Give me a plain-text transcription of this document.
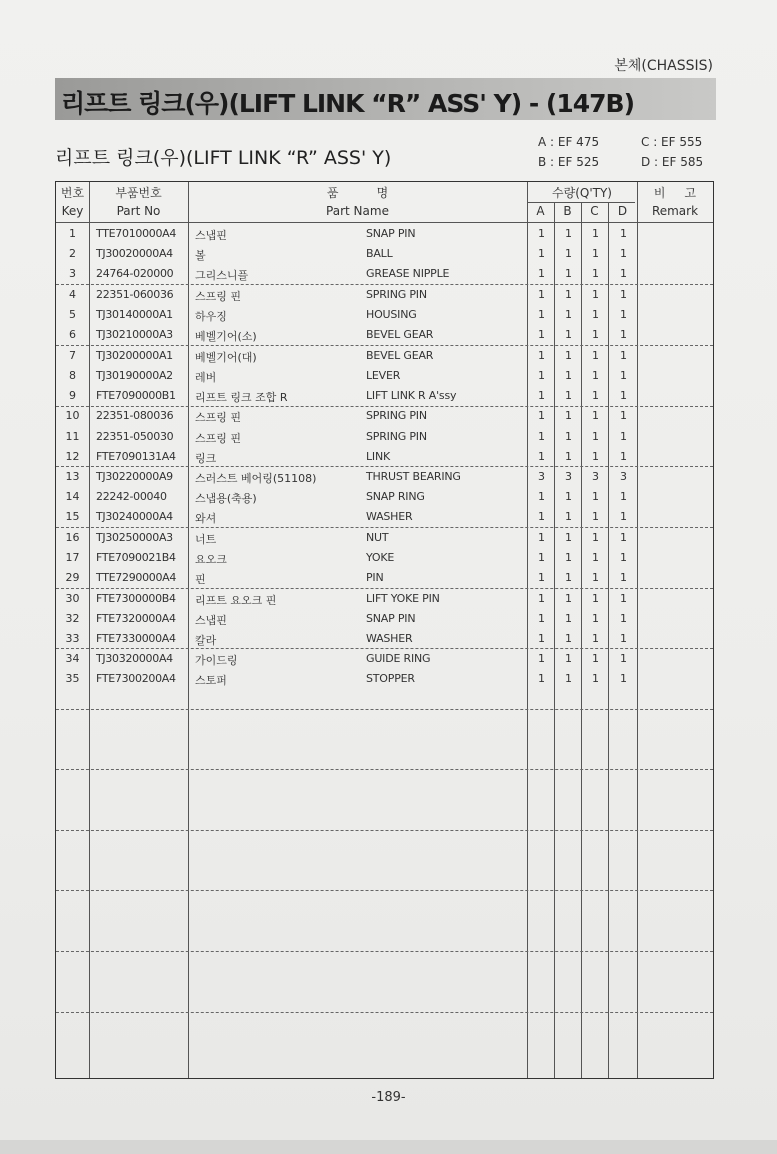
본체(CHASSIS)
리프트 링크(우)(LIFT LINK “R” ASS' Y) - (147B)
리프트 링크(우)(LIFT LINK “R” ASS' Y)
A : EF 475
B : EF 525
C : EF 555
D : EF 585
번호
Key
부품번호
Part No
품          명
Part Name
수량(Q'TY)
A	B	C	D
비     고
Remark
1	TTE7010000A4 스냅핀	SNAP PIN	1	1	1	1
2	TJ30020000A4 볼	BALL	1	1	1	1
3	24764-020000 그리스니플	GREASE NIPPLE	1	1	1	1
4	22351-060036 스프링 핀	SPRING PIN	1	1	1	1
5	TJ30140000A1 하우징	HOUSING	1	1	1	1
6	TJ30210000A3 베벨기어(소)	BEVEL GEAR	1	1	1	1
7	TJ30200000A1 베벨기어(대)	BEVEL GEAR	1	1	1	1
8	TJ30190000A2 레버	LEVER	1	1	1	1
9	FTE7090000B1 리프트 링크 조합 R	LIFT LINK R A'ssy	1	1	1	1
10	22351-080036 스프링 핀	SPRING PIN	1	1	1	1
11	22351-050030 스프링 핀	SPRING PIN	1	1	1	1
12	FTE7090131A4 링크	LINK	1	1	1	1
13	TJ30220000A9 스러스트 베어링(51108)	THRUST BEARING	3	3	3	3
14	22242-00040	스냅용(축용)	SNAP RING	1	1	1	1
15	TJ30240000A4 와셔	WASHER	1	1	1	1
16	TJ30250000A3 너트	NUT	1	1	1	1
17	FTE7090021B4 요오크	YOKE	1	1	1	1
29	TTE7290000A4 핀	PIN	1	1	1	1
30	FTE7300000B4 리프트 요오크 핀	LIFT YOKE PIN	1	1	1	1
32	FTE7320000A4 스냅핀	SNAP PIN	1	1	1	1
33	FTE7330000A4 칼라	WASHER	1	1	1	1
34	TJ30320000A4 가이드링	GUIDE RING	1	1	1	1
35	FTE7300200A4 스토퍼	STOPPER	1	1	1	1
-189-
